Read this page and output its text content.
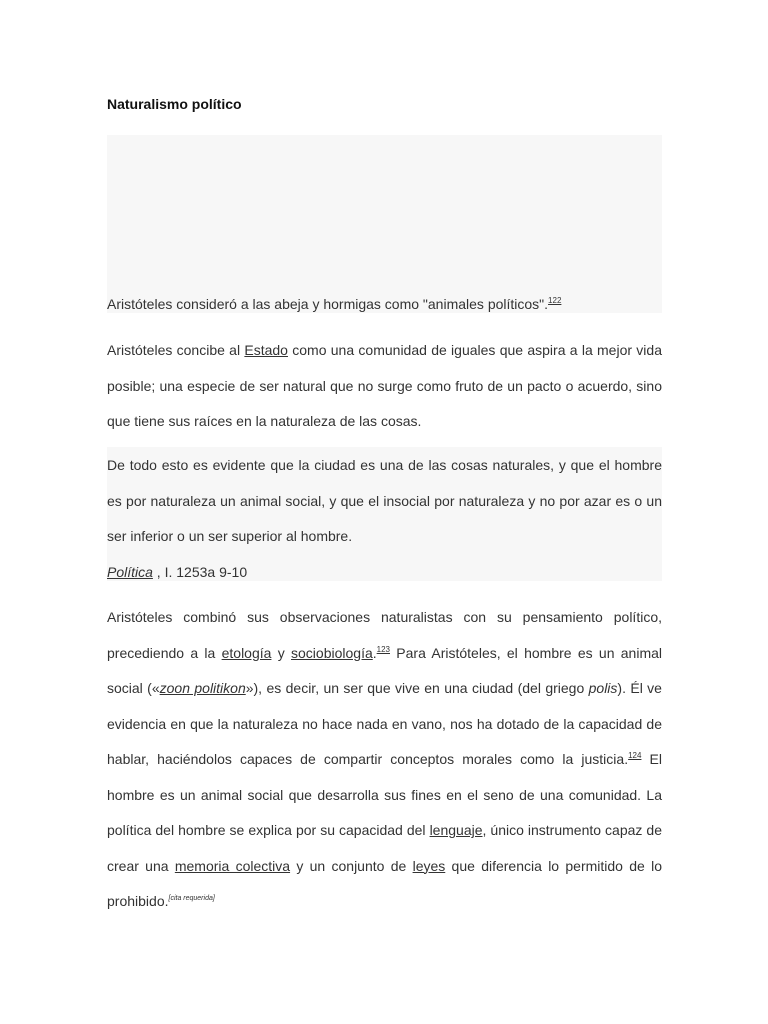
Naturalismo político
Aristóteles consideró a las abeja y hormigas como "animales políticos".$^{122}$
Aristóteles concibe al Estado como una comunidad de iguales que aspira a la mejor vida posible; una especie de ser natural que no surge como fruto de un pacto o acuerdo, sino que tiene sus raíces en la naturaleza de las cosas.
De todo esto es evidente que la ciudad es una de las cosas naturales, y que el hombre es por naturaleza un animal social, y que el insocial por naturaleza y no por azar es o un ser inferior o un ser superior al hombre.
Política , I. 1253a 9-10
Aristóteles combinó sus observaciones naturalistas con su pensamiento político, precediendo a la etología y sociobiología.$^{123}$ Para Aristóteles, el hombre es un animal social («zoon politikon»), es decir, un ser que vive en una ciudad (del griego polis). Él ve evidencia en que la naturaleza no hace nada en vano, nos ha dotado de la capacidad de hablar, haciéndolos capaces de compartir conceptos morales como la justicia.$^{124}$ El hombre es un animal social que desarrolla sus fines en el seno de una comunidad. La política del hombre se explica por su capacidad del lenguaje, único instrumento capaz de crear una memoria colectiva y un conjunto de leyes que diferencia lo permitido de lo prohibido.[cita requerida]
